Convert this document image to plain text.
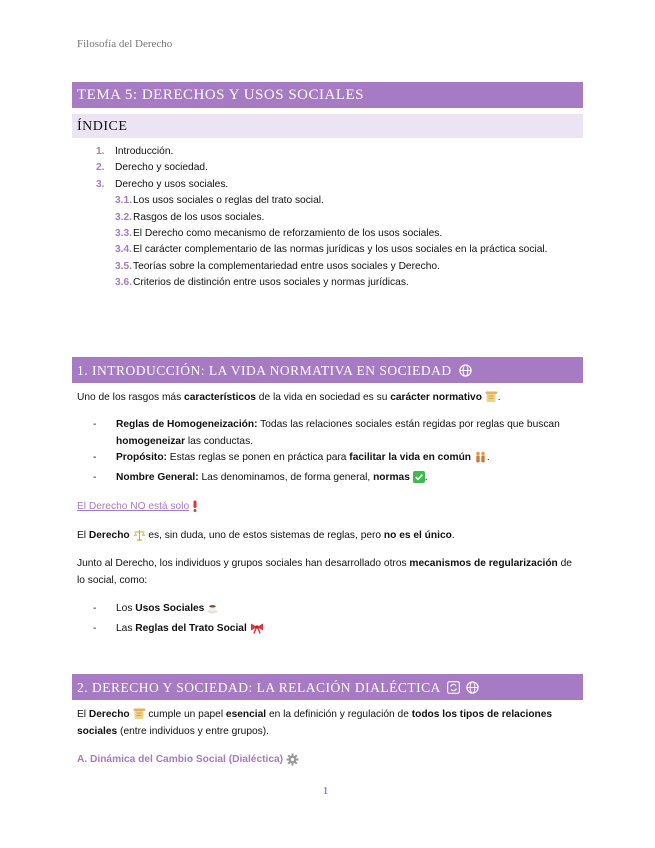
Filosofía del Derecho
TEMA 5: DERECHOS Y USOS SOCIALES
ÍNDICE
1. Introducción.
2. Derecho y sociedad.
3. Derecho y usos sociales.
3.1.Los usos sociales o reglas del trato social.
3.2.Rasgos de los usos sociales.
3.3.El Derecho como mecanismo de reforzamiento de los usos sociales.
3.4.El carácter complementario de las normas jurídicas y los usos sociales en la práctica social.
3.5.Teorías sobre la complementariedad entre usos sociales y Derecho.
3.6.Criterios de distinción entre usos sociales y normas jurídicas.
1. INTRODUCCIÓN: LA VIDA NORMATIVA EN SOCIEDAD
Uno de los rasgos más característicos de la vida en sociedad es su carácter normativo .
- Reglas de Homogeneización: Todas las relaciones sociales están regidas por reglas que buscan homogeneizar las conductas.
- Propósito: Estas reglas se ponen en práctica para facilitar la vida en común .
- Nombre General: Las denominamos, de forma general, normas .
El Derecho NO está solo
El Derecho  es, sin duda, uno de estos sistemas de reglas, pero no es el único.
Junto al Derecho, los individuos y grupos sociales han desarrollado otros mecanismos de regularización de lo social, como:
- Los Usos Sociales
- Las Reglas del Trato Social
2. DERECHO Y SOCIEDAD: LA RELACIÓN DIALÉCTICA
El Derecho  cumple un papel esencial en la definición y regulación de todos los tipos de relaciones sociales (entre individuos y entre grupos).
A. Dinámica del Cambio Social (Dialéctica)
1
